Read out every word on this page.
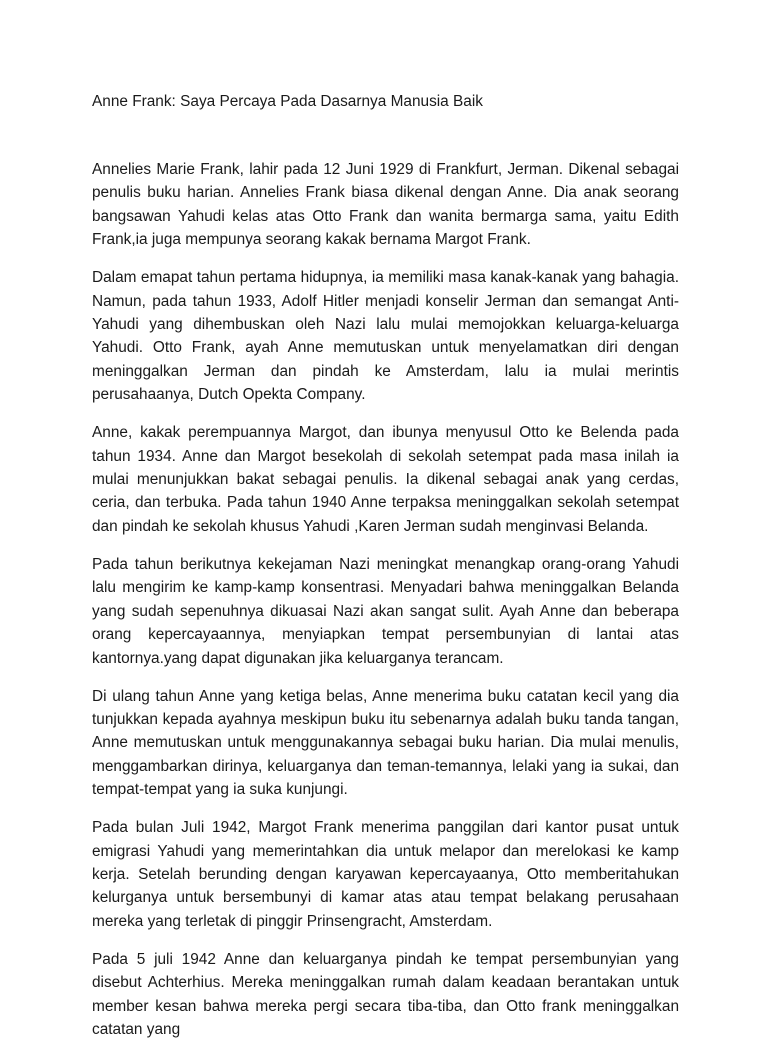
Anne Frank: Saya Percaya Pada Dasarnya Manusia Baik

Annelies Marie Frank, lahir pada 12 Juni 1929 di Frankfurt, Jerman. Dikenal sebagai penulis buku harian. Annelies Frank biasa dikenal dengan Anne. Dia anak seorang bangsawan Yahudi kelas atas Otto Frank dan wanita bermarga sama, yaitu Edith Frank,ia juga mempunya seorang kakak bernama Margot Frank.

Dalam emapat tahun pertama hidupnya, ia memiliki masa kanak-kanak yang bahagia. Namun, pada tahun 1933, Adolf Hitler menjadi konselir Jerman dan semangat Anti-Yahudi yang dihembuskan oleh Nazi lalu mulai memojokkan keluarga-keluarga Yahudi. Otto Frank, ayah Anne memutuskan untuk menyelamatkan diri dengan meninggalkan Jerman dan pindah ke Amsterdam, lalu ia mulai merintis perusahaanya, Dutch Opekta Company.

Anne, kakak perempuannya Margot, dan ibunya menyusul Otto ke Belenda pada tahun 1934. Anne dan Margot besekolah di sekolah setempat pada masa inilah ia mulai menunjukkan bakat sebagai penulis. Ia dikenal sebagai anak yang cerdas, ceria, dan terbuka. Pada tahun 1940 Anne terpaksa meninggalkan sekolah setempat dan pindah ke sekolah khusus Yahudi ,Karen Jerman sudah menginvasi Belanda.

Pada tahun berikutnya kekejaman Nazi meningkat menangkap orang-orang Yahudi lalu mengirim ke kamp-kamp konsentrasi. Menyadari bahwa meninggalkan Belanda yang sudah sepenuhnya dikuasai Nazi akan sangat sulit. Ayah Anne dan beberapa orang kepercayaannya, menyiapkan tempat persembunyian di lantai atas kantornya.yang dapat digunakan jika keluarganya terancam.

Di ulang tahun Anne yang ketiga belas, Anne menerima buku catatan kecil yang dia tunjukkan kepada ayahnya meskipun buku itu sebenarnya adalah buku tanda tangan, Anne memutuskan untuk menggunakannya sebagai buku harian. Dia mulai menulis, menggambarkan dirinya, keluarganya dan teman-temannya, lelaki yang ia sukai, dan tempat-tempat yang ia suka kunjungi.

Pada bulan Juli 1942, Margot Frank menerima panggilan dari kantor pusat untuk emigrasi Yahudi yang memerintahkan dia untuk melapor dan merelokasi ke kamp kerja. Setelah berunding dengan karyawan kepercayaanya, Otto memberitahukan kelurganya untuk bersembunyi di kamar atas atau tempat belakang perusahaan mereka yang terletak di pinggir Prinsengracht, Amsterdam.

Pada 5 juli 1942 Anne dan keluarganya pindah ke tempat persembunyian yang disebut Achterhius. Mereka meninggalkan rumah dalam keadaan berantakan untuk member kesan bahwa mereka pergi secara tiba-tiba, dan Otto frank meninggalkan catatan yang
